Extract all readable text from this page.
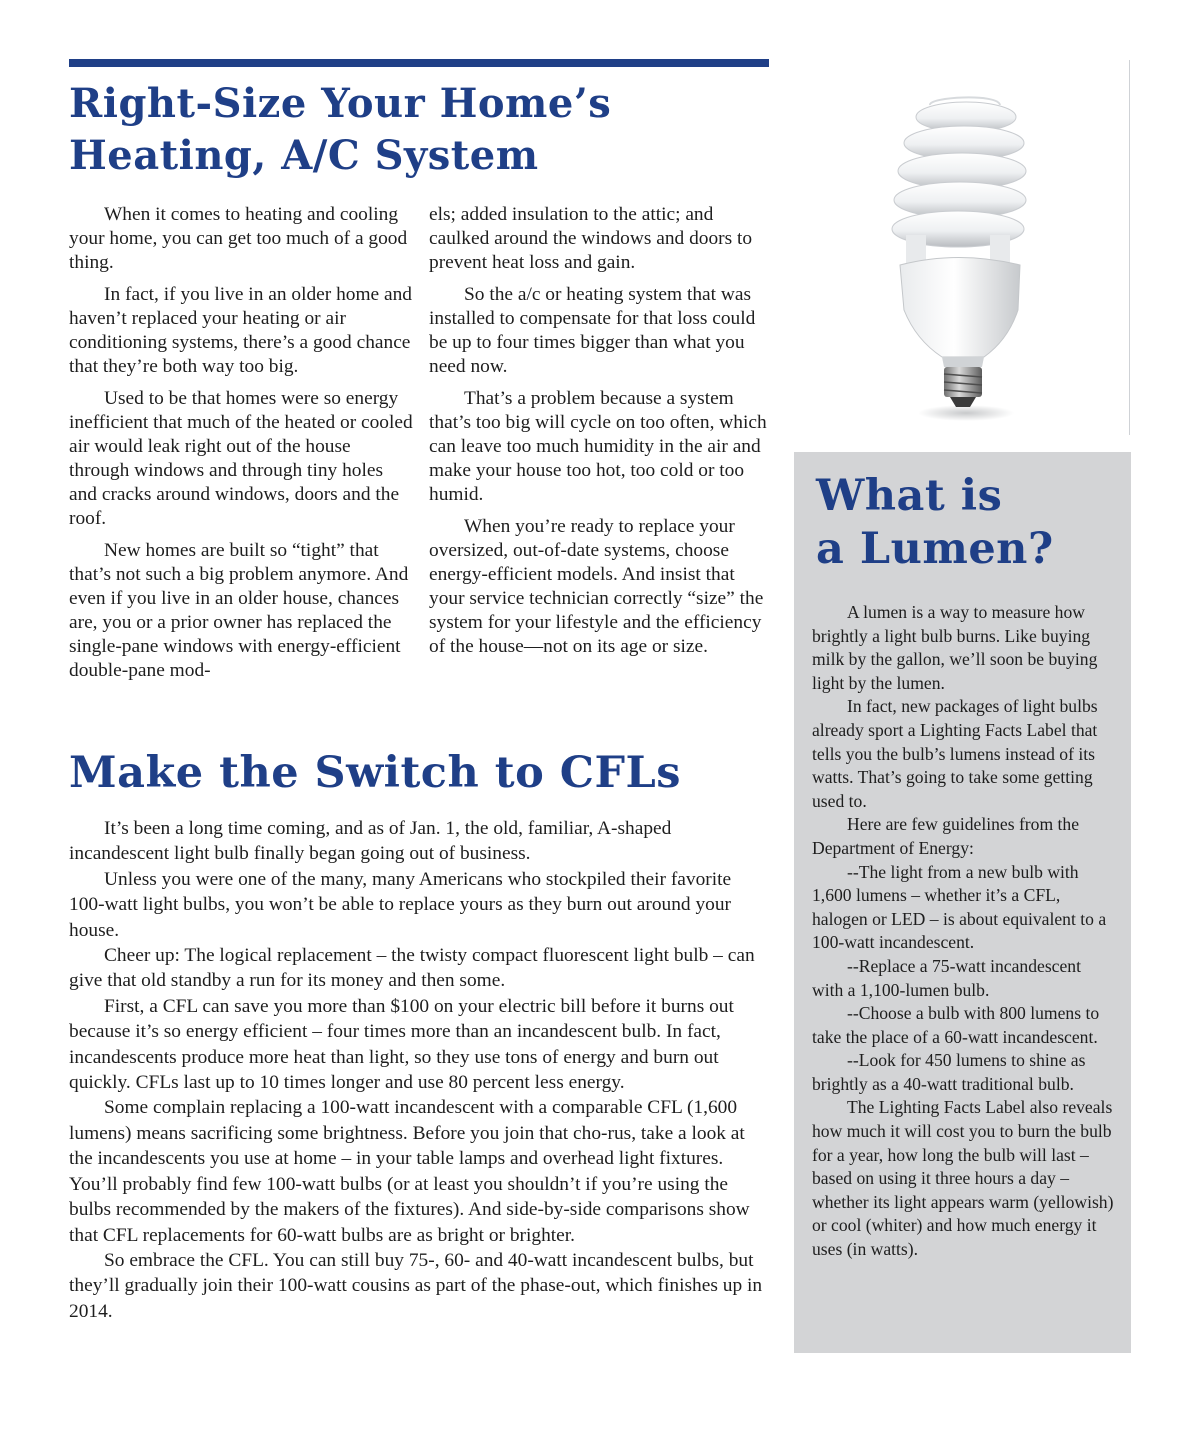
Right-Size Your Home’s
Heating, A/C System

When it comes to heating and cooling your home, you can get too much of a good thing.

In fact, if you live in an older home and haven’t replaced your heating or air conditioning systems, there’s a good chance that they’re both way too big.

Used to be that homes were so energy inefficient that much of the heated or cooled air would leak right out of the house through windows and through tiny holes and cracks around windows, doors and the roof.

New homes are built so “tight” that that’s not such a big problem anymore. And even if you live in an older house, chances are, you or a prior owner has replaced the single-pane windows with energy-efficient double-pane mod-

els; added insulation to the attic; and caulked around the windows and doors to prevent heat loss and gain.

So the a/c or heating system that was installed to compensate for that loss could be up to four times bigger than what you need now.

That’s a problem because a system that’s too big will cycle on too often, which can leave too much humidity in the air and make your house too hot, too cold or too humid.

When you’re ready to replace your oversized, out-of-date systems, choose energy-efficient models. And insist that your service technician correctly “size” the system for your lifestyle and the efficiency of the house—not on its age or size.

Make the Switch to CFLs

It’s been a long time coming, and as of Jan. 1, the old, familiar, A-shaped incandescent light bulb finally began going out of business.

Unless you were one of the many, many Americans who stockpiled their favorite 100-watt light bulbs, you won’t be able to replace yours as they burn out around your house.

Cheer up: The logical replacement – the twisty compact fluorescent light bulb – can give that old standby a run for its money and then some.

First, a CFL can save you more than $100 on your electric bill before it burns out because it’s so energy efficient – four times more than an incandescent bulb. In fact, incandescents produce more heat than light, so they use tons of energy and burn out quickly. CFLs last up to 10 times longer and use 80 percent less energy.

Some complain replacing a 100-watt incandescent with a comparable CFL (1,600 lumens) means sacrificing some brightness. Before you join that cho-rus, take a look at the incandescents you use at home – in your table lamps and overhead light fixtures. You’ll probably find few 100-watt bulbs (or at least you shouldn’t if you’re using the bulbs recommended by the makers of the fixtures). And side-by-side comparisons show that CFL replacements for 60-watt bulbs are as bright or brighter.

So embrace the CFL. You can still buy 75-, 60- and 40-watt incandescent bulbs, but they’ll gradually join their 100-watt cousins as part of the phase-out, which finishes up in 2014.

What is
a Lumen?

A lumen is a way to measure how brightly a light bulb burns. Like buying milk by the gallon, we’ll soon be buying light by the lumen.

In fact, new packages of light bulbs already sport a Lighting Facts Label that tells you the bulb’s lumens instead of its watts. That’s going to take some getting used to.

Here are few guidelines from the Department of Energy:

--The light from a new bulb with 1,600 lumens – whether it’s a CFL, halogen or LED – is about equivalent to a 100-watt incandescent.

--Replace a 75-watt incandescent with a 1,100-lumen bulb.

--Choose a bulb with 800 lumens to take the place of a 60-watt incandescent.

--Look for 450 lumens to shine as brightly as a 40-watt traditional bulb.

The Lighting Facts Label also reveals how much it will cost you to burn the bulb for a year, how long the bulb will last – based on using it three hours a day – whether its light appears warm (yellowish) or cool (whiter) and how much energy it uses (in watts).
